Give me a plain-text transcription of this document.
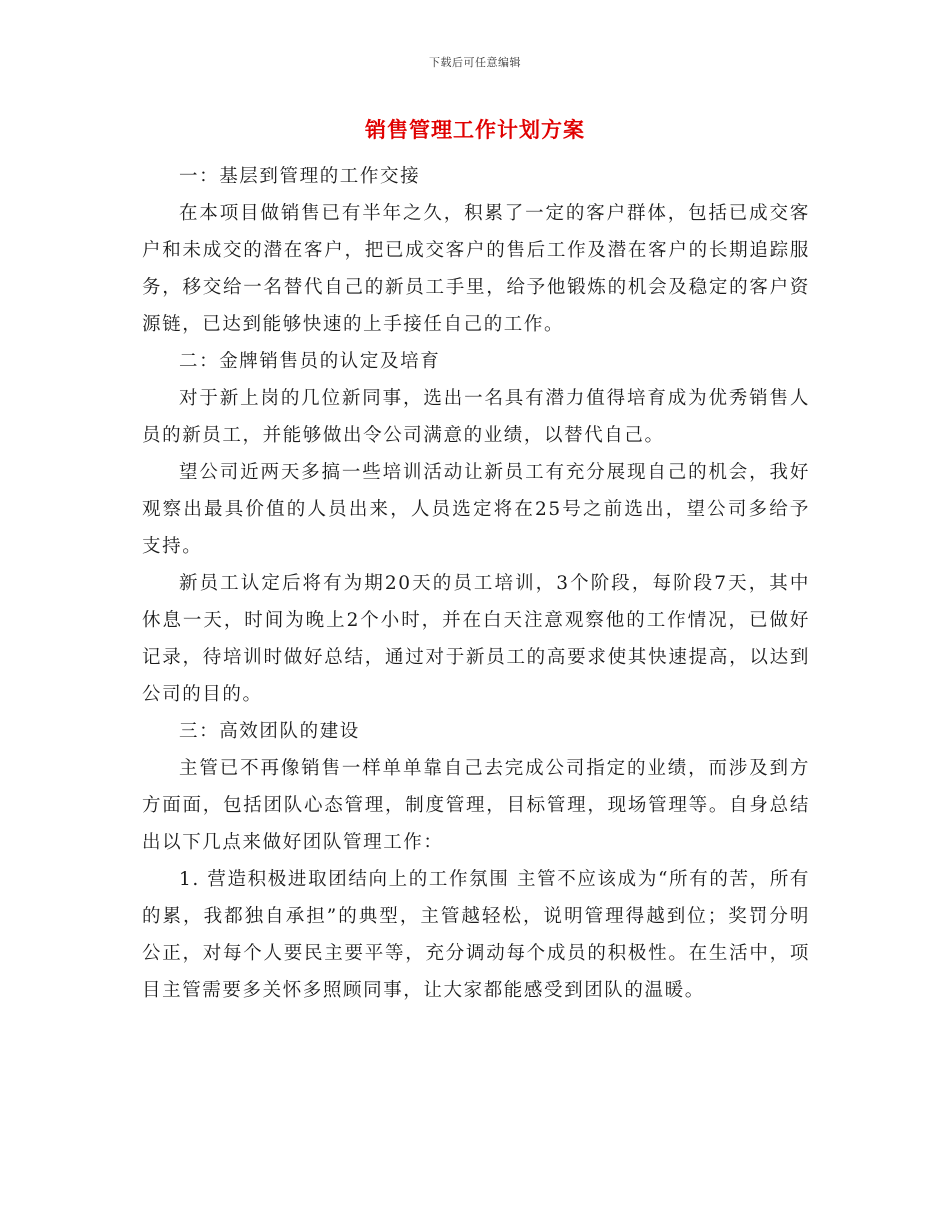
下载后可任意编辑
销售管理工作计划方案

一：基层到管理的工作交接

在本项目做销售已有半年之久，积累了一定的客户群体，包括已成交客户和未成交的潜在客户，把已成交客户的售后工作及潜在客户的长期追踪服务，移交给一名替代自己的新员工手里，给予他锻炼的机会及稳定的客户资源链，已达到能够快速的上手接任自己的工作。

二：金牌销售员的认定及培育

对于新上岗的几位新同事，选出一名具有潜力值得培育成为优秀销售人员的新员工，并能够做出令公司满意的业绩，以替代自己。

望公司近两天多搞一些培训活动让新员工有充分展现自己的机会，我好观察出最具价值的人员出来，人员选定将在25号之前选出，望公司多给予支持。

新员工认定后将有为期20天的员工培训，3个阶段，每阶段7天，其中休息一天，时间为晚上2个小时，并在白天注意观察他的工作情况，已做好记录，待培训时做好总结，通过对于新员工的高要求使其快速提高，以达到公司的目的。

三：高效团队的建设

主管已不再像销售一样单单靠自己去完成公司指定的业绩，而涉及到方方面面，包括团队心态管理，制度管理，目标管理，现场管理等。自身总结出以下几点来做好团队管理工作：

1. 营造积极进取团结向上的工作氛围 主管不应该成为“所有的苦，所有的累，我都独自承担”的典型，主管越轻松，说明管理得越到位；奖罚分明公正，对每个人要民主要平等，充分调动每个成员的积极性。在生活中，项目主管需要多关怀多照顾同事，让大家都能感受到团队的温暖。
